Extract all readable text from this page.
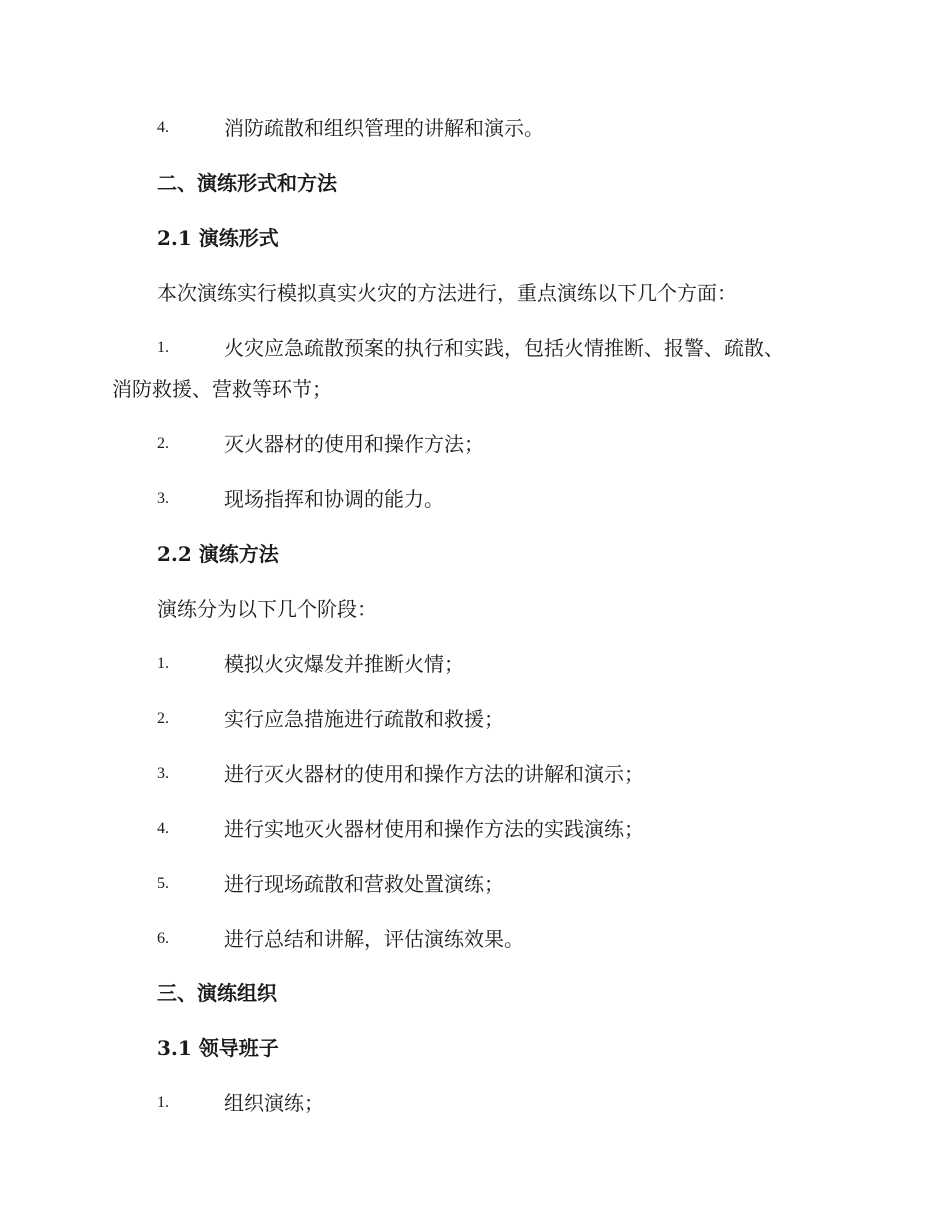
4.	消防疏散和组织管理的讲解和演示。
二、演练形式和方法
2.1 演练形式
本次演练实行模拟真实火灾的方法进行，重点演练以下几个方面：
1.	火灾应急疏散预案的执行和实践，包括火情推断、报警、疏散、
消防救援、营救等环节；
2.	灭火器材的使用和操作方法；
3.	现场指挥和协调的能力。
2.2 演练方法
演练分为以下几个阶段：
1.	模拟火灾爆发并推断火情；
2.	实行应急措施进行疏散和救援；
3.	进行灭火器材的使用和操作方法的讲解和演示；
4.	进行实地灭火器材使用和操作方法的实践演练；
5.	进行现场疏散和营救处置演练；
6.	进行总结和讲解，评估演练效果。
三、演练组织
3.1 领导班子
1.	组织演练；
